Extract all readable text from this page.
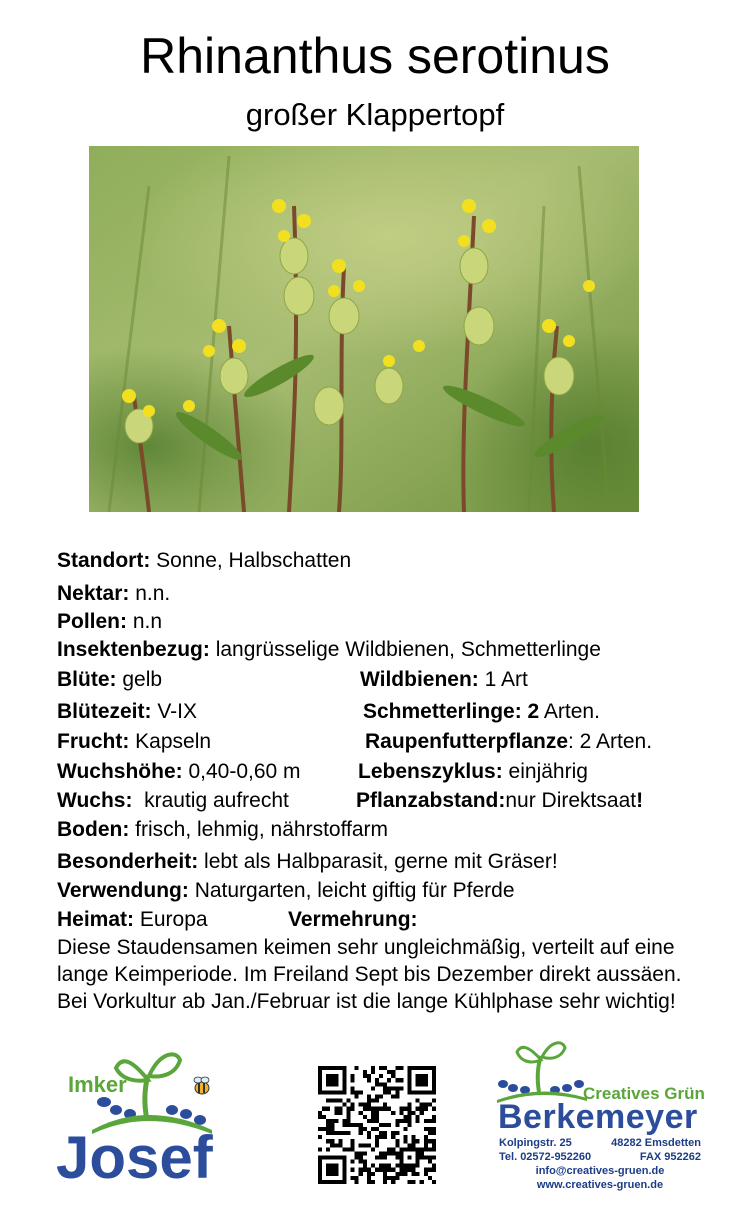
Rhinanthus serotinus
großer Klappertopf
Standort: Sonne, Halbschatten
Nektar: n.n.
Pollen: n.n
Insektenbezug: langrüsselige Wildbienen, Schmetterlinge
Blüte: gelb	Wildbienen: 1 Art
Blütezeit: V-IX	Schmetterlinge: 2 Arten.
Frucht: Kapseln	Raupenfutterpflanze: 2 Arten.
Wuchshöhe: 0,40-0,60 m	Lebenszyklus: einjährig
Wuchs:  krautig aufrecht	Pflanzabstand:nur Direktsaat!
Boden: frisch, lehmig, nährstoffarm
Besonderheit: lebt als Halbparasit, gerne mit Gräser!
Verwendung: Naturgarten, leicht giftig für Pferde
Heimat: Europa	Vermehrung:
Diese Staudensamen keimen sehr ungleichmäßig, verteilt auf eine lange Keimperiode. Im Freiland Sept bis Dezember direkt aussäen. Bei Vorkultur ab Jan./Februar ist die lange Kühlphase sehr wichtig!
Imker
Josef
Creatives Grün
Berkemeyer
Kolpingstr. 25	48282 Emsdetten
Tel. 02572-952260	FAX 952262
info@creatives-gruen.de
www.creatives-gruen.de
